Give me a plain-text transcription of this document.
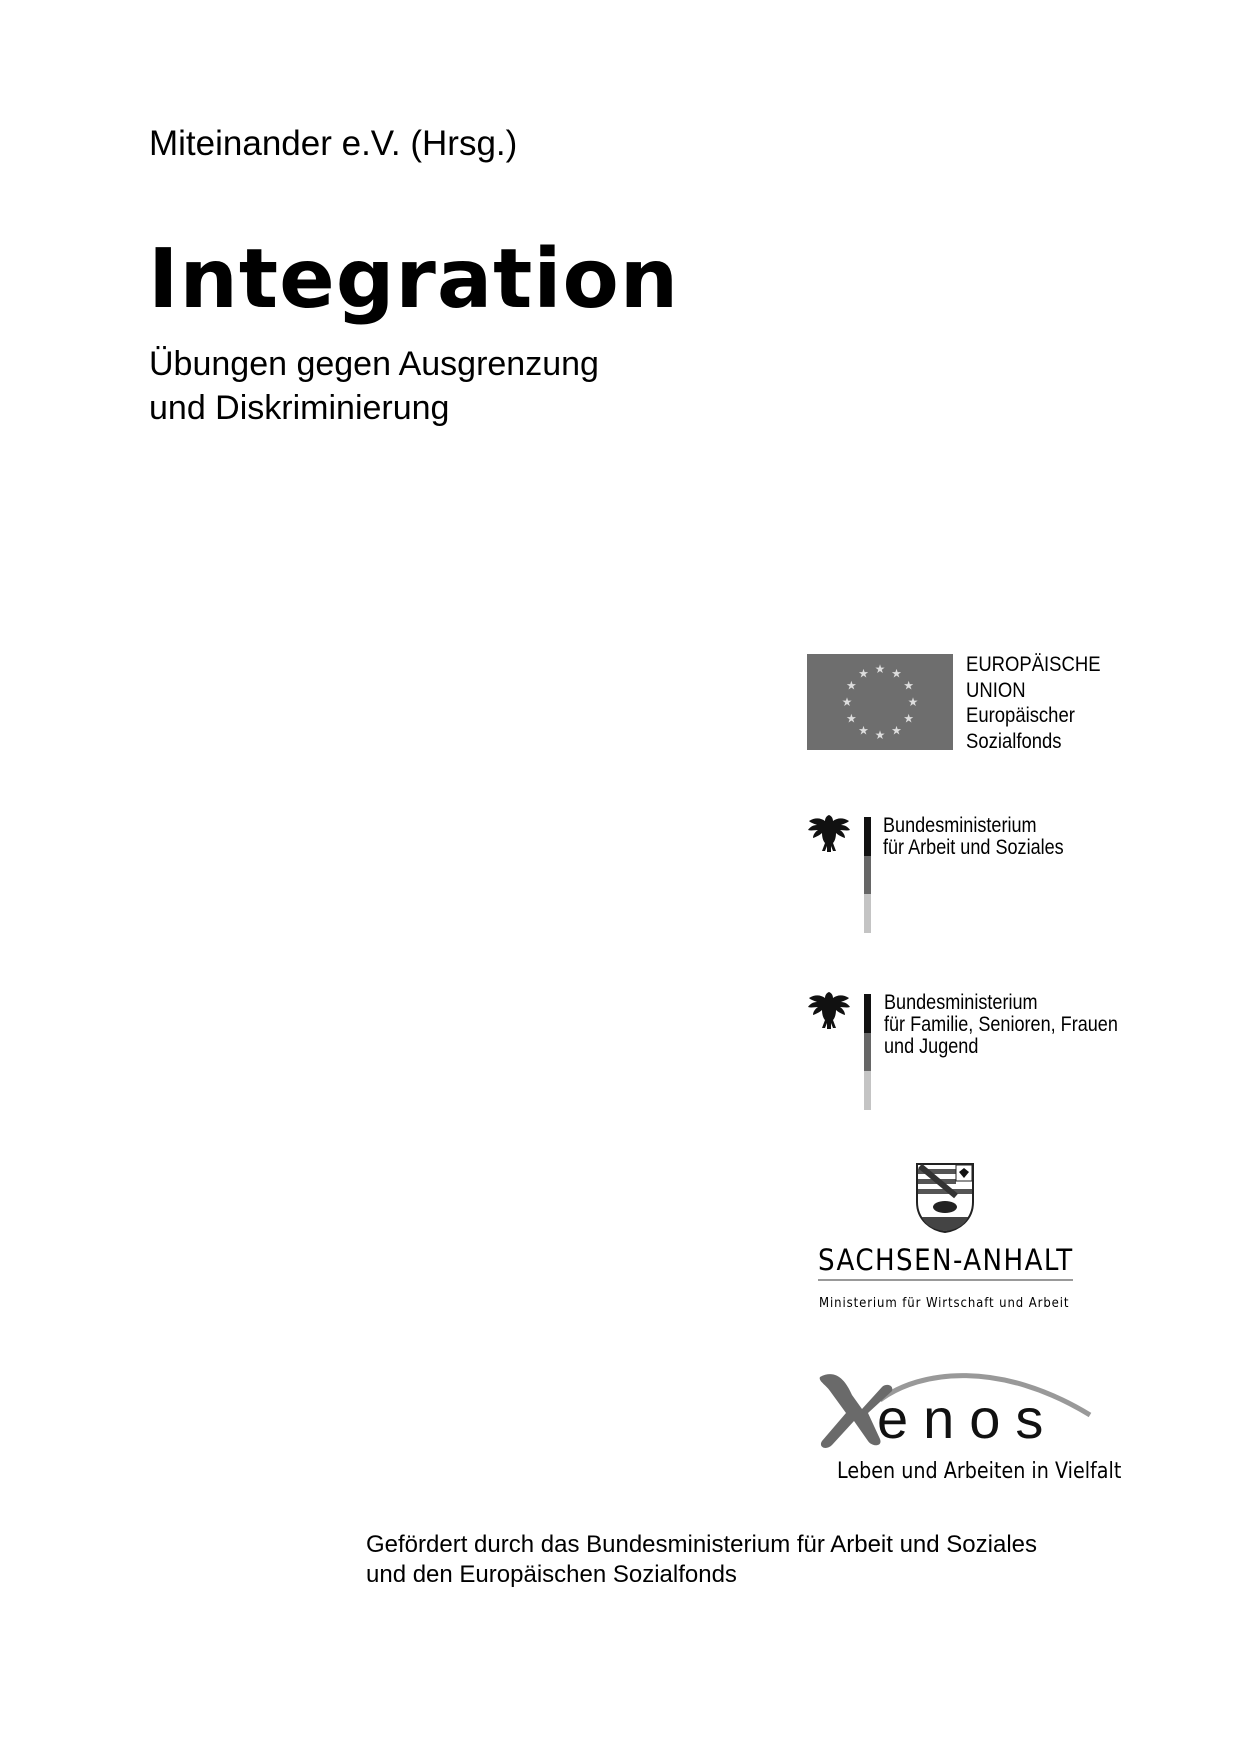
Miteinander e.V. (Hrsg.)
Integration
Übungen gegen Ausgrenzung
und Diskriminierung
★ ★
★
★
★
★
★
★
★
★
★
★	EUROPÄISCHE
UNION
Europäischer
Sozialfonds
Bundesministerium
für Arbeit und Soziales
Bundesministerium
für Familie, Senioren, Frauen
und Jugend
SACHSEN-ANHALT
Ministerium für Wirtschaft und Arbeit
enos
Leben und Arbeiten in Vielfalt
Gefördert durch das Bundesministerium für Arbeit und Soziales
und den Europäischen Sozialfonds
